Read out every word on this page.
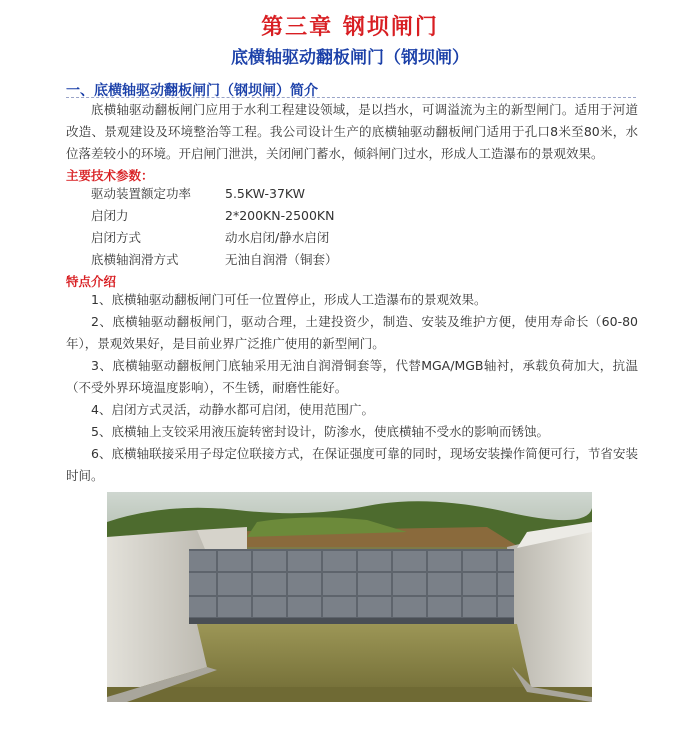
第三章 钢坝闸门
底横轴驱动翻板闸门（钢坝闸）
一、底横轴驱动翻板闸门（钢坝闸）简介
底横轴驱动翻板闸门应用于水利工程建设领域，是以挡水，可调溢流为主的新型闸门。适用于河道改造、景观建设及环境整治等工程。我公司设计生产的底横轴驱动翻板闸门适用于孔口8米至80米，水位落差较小的环境。开启闸门泄洪，关闭闸门蓄水，倾斜闸门过水，形成人工造瀑布的景观效果。
主要技术参数：
驱动装置额定功率	5.5KW-37KW
启闭力	2*200KN-2500KN
启闭方式	动水启闭/静水启闭
底横轴润滑方式	无油自润滑（铜套）
特点介绍
1、底横轴驱动翻板闸门可任一位置停止，形成人工造瀑布的景观效果。
2、底横轴驱动翻板闸门，驱动合理，土建投资少，制造、安装及维护方便，使用寿命长（60-80年），景观效果好，是目前业界广泛推广使用的新型闸门。
3、底横轴驱动翻板闸门底轴采用无油自润滑铜套等，代替MGA/MGB轴衬，承载负荷加大，抗温（不受外界环境温度影响），不生锈，耐磨性能好。
4、启闭方式灵活，动静水都可启闭，使用范围广。
5、底横轴上支铰采用液压旋转密封设计，防渗水，使底横轴不受水的影响而锈蚀。
6、底横轴联接采用子母定位联接方式，在保证强度可靠的同时，现场安装操作简便可行，节省安装时间。
